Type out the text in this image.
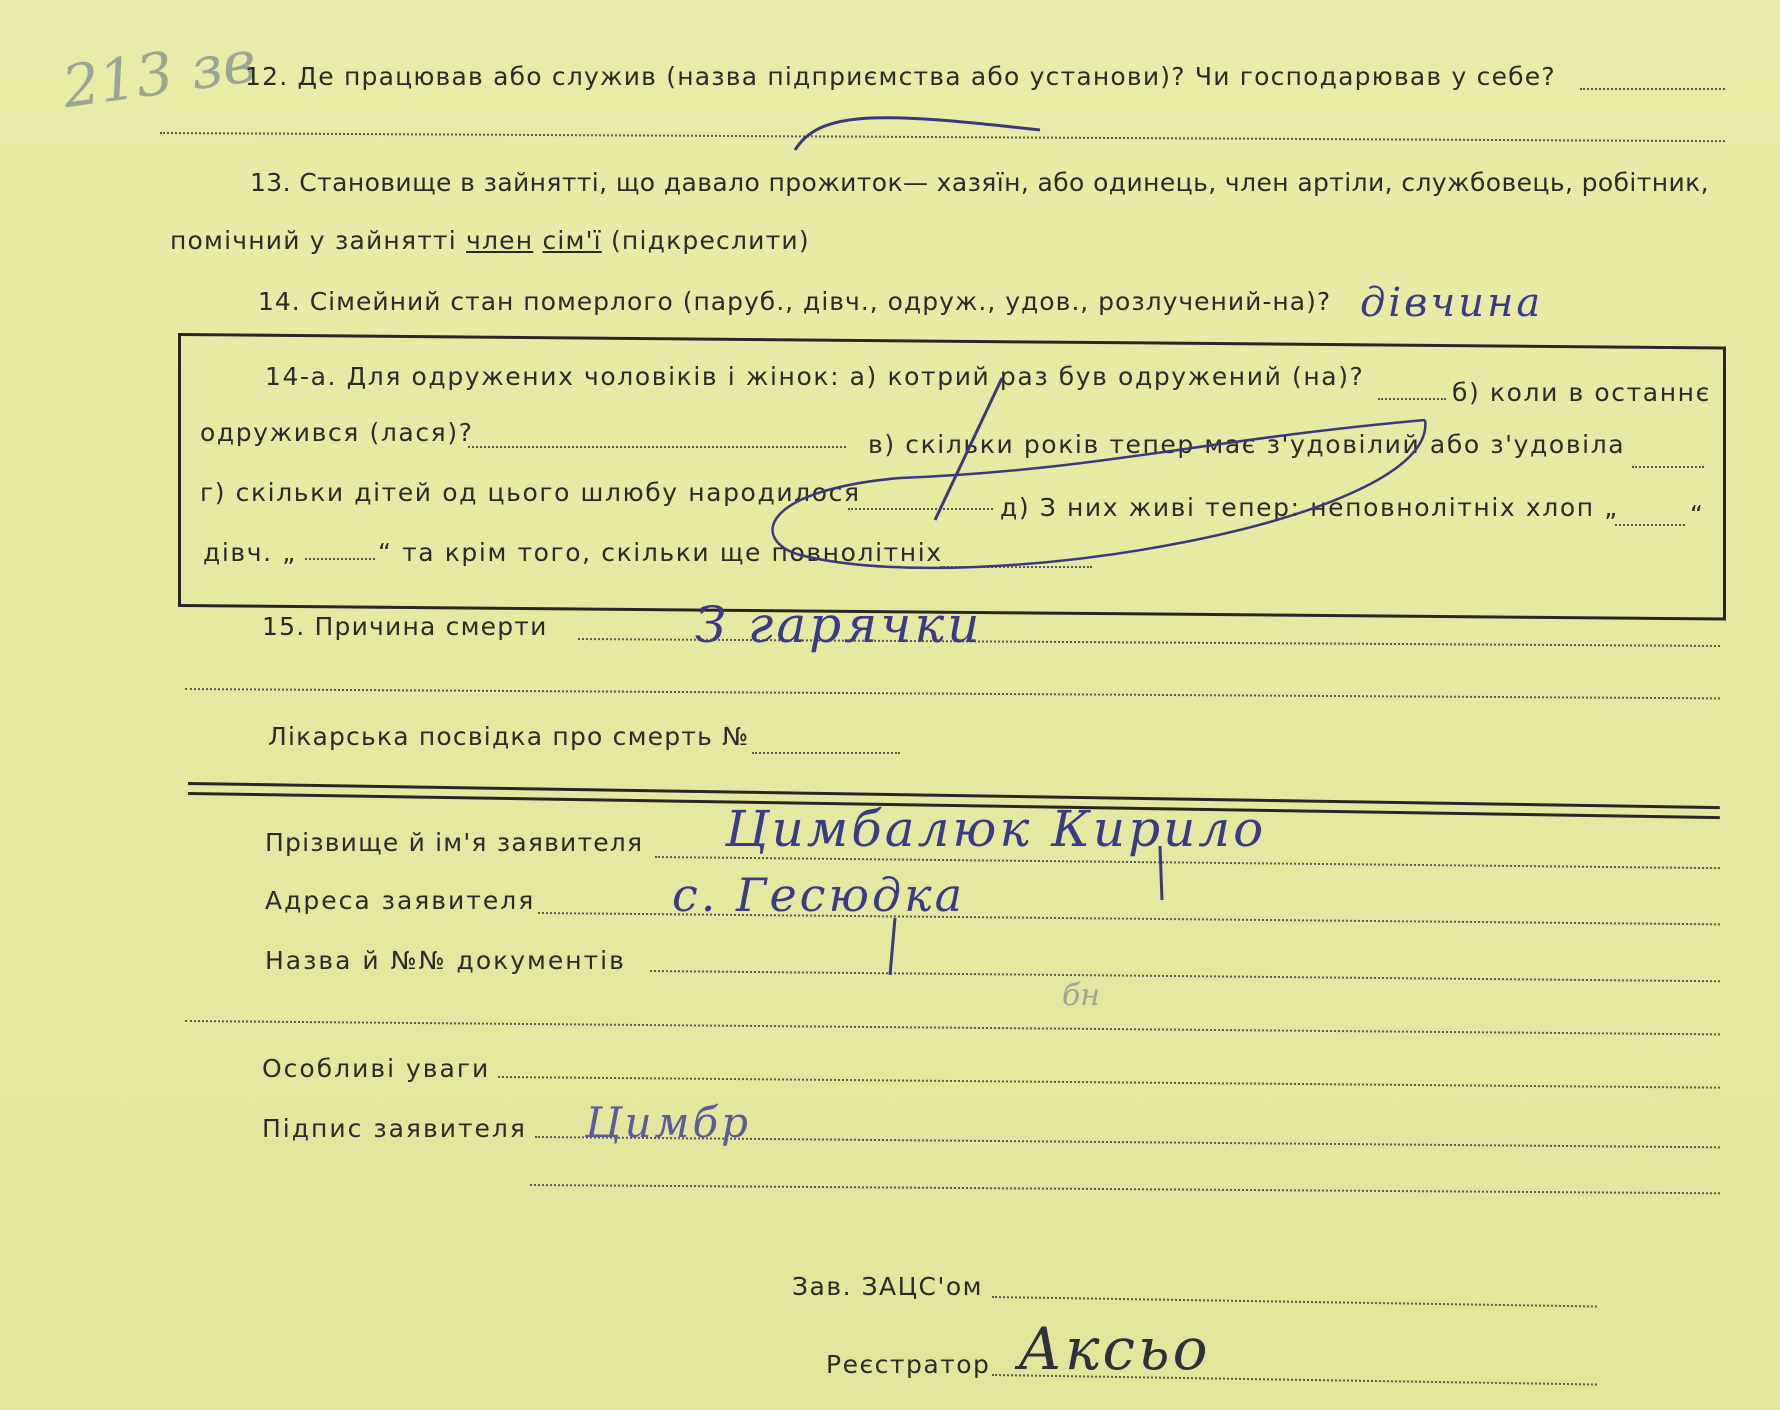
213 зв
12. Де працював або служив (назва підприємства або установи)? Чи господарював у себе?
13. Становище в зайнятті, що давало прожиток— хазяїн, або одинець, член артіли, службовець, робітник,
помічний у зайнятті член сім'ї (підкреслити)
14. Сімейний стан померлого (паруб., дівч., одруж., удов., розлучений-на)? дівчина
14-а. Для одружених чоловіків і жінок: а) котрий раз був одружений (на)?
б) коли в останнє
одружився (лася)?	в) скільки років тепер має з'удовілий або з'удовіла
г) скільки дітей од цього шлюбу народилося
д) З них живі тепер: неповнолітніх хлоп „	“
дівч. „	“ та крім того, скільки ще повнолітніх
15. Причина смерти	З гарячки
Лікарська посвідка про смерть №
Прізвище й ім'я заявителя Цимбалюк Кирило
Адреса заявителя	с. Гесюдка
Назва й №№ документів
бн
Особливі уваги
Підпис заявителя Цимбр
Зав. ЗАЦС'ом
Реєстратор Аксьо
